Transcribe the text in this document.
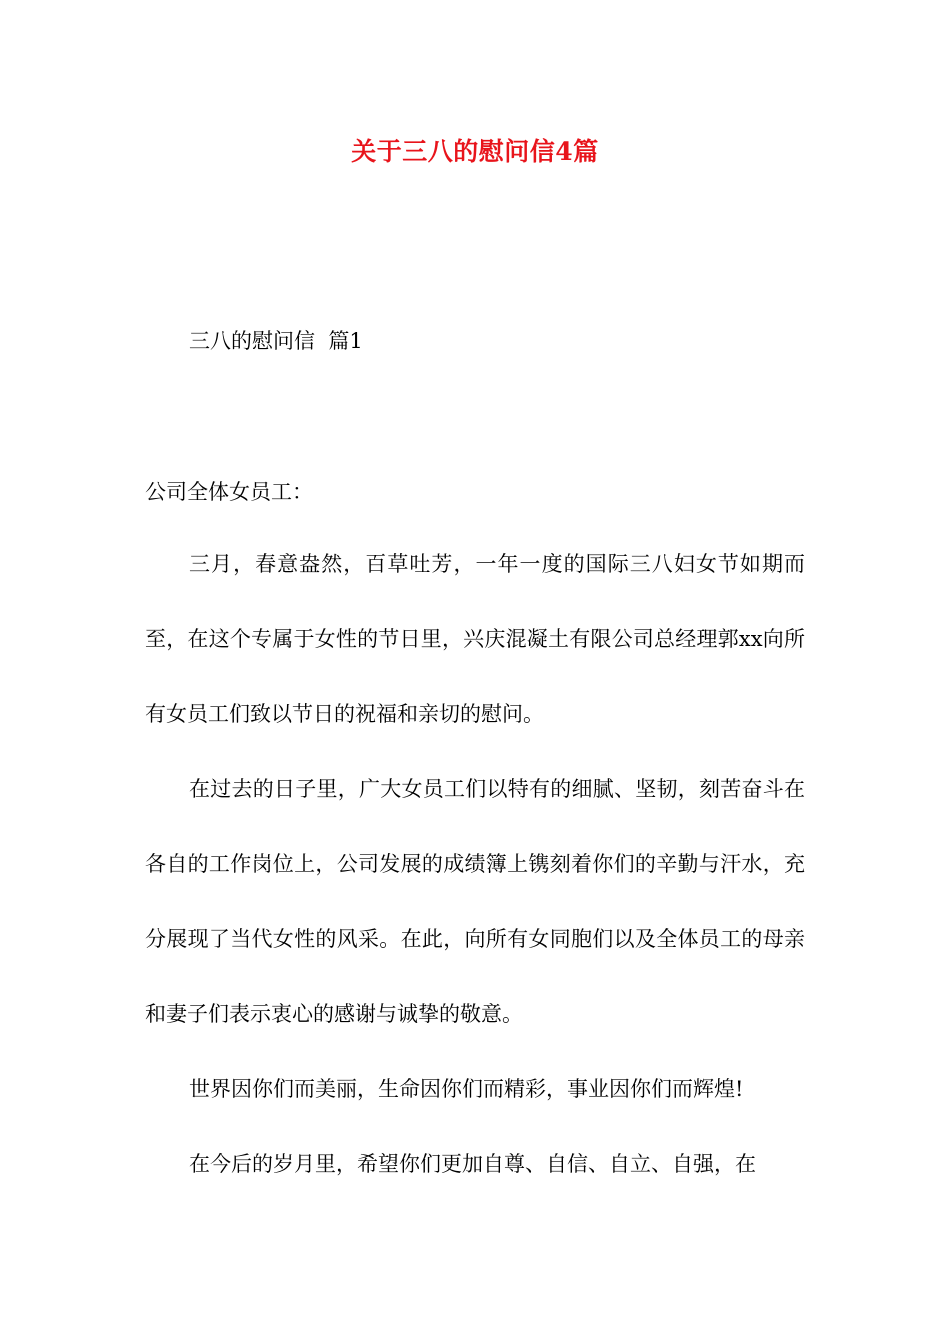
关于三八的慰问信4篇
三八的慰问信  篇1

公司全体女员工：

三月，春意盎然，百草吐芳，一年一度的国际三八妇女节如期而至，在这个专属于女性的节日里，兴庆混凝土有限公司总经理郭xx向所有女员工们致以节日的祝福和亲切的慰问。

在过去的日子里，广大女员工们以特有的细腻、坚韧，刻苦奋斗在各自的工作岗位上，公司发展的成绩簿上镌刻着你们的辛勤与汗水，充分展现了当代女性的风采。在此，向所有女同胞们以及全体员工的母亲和妻子们表示衷心的感谢与诚挚的敬意。

世界因你们而美丽，生命因你们而精彩，事业因你们而辉煌!

在今后的岁月里，希望你们更加自尊、自信、自立、自强，在
